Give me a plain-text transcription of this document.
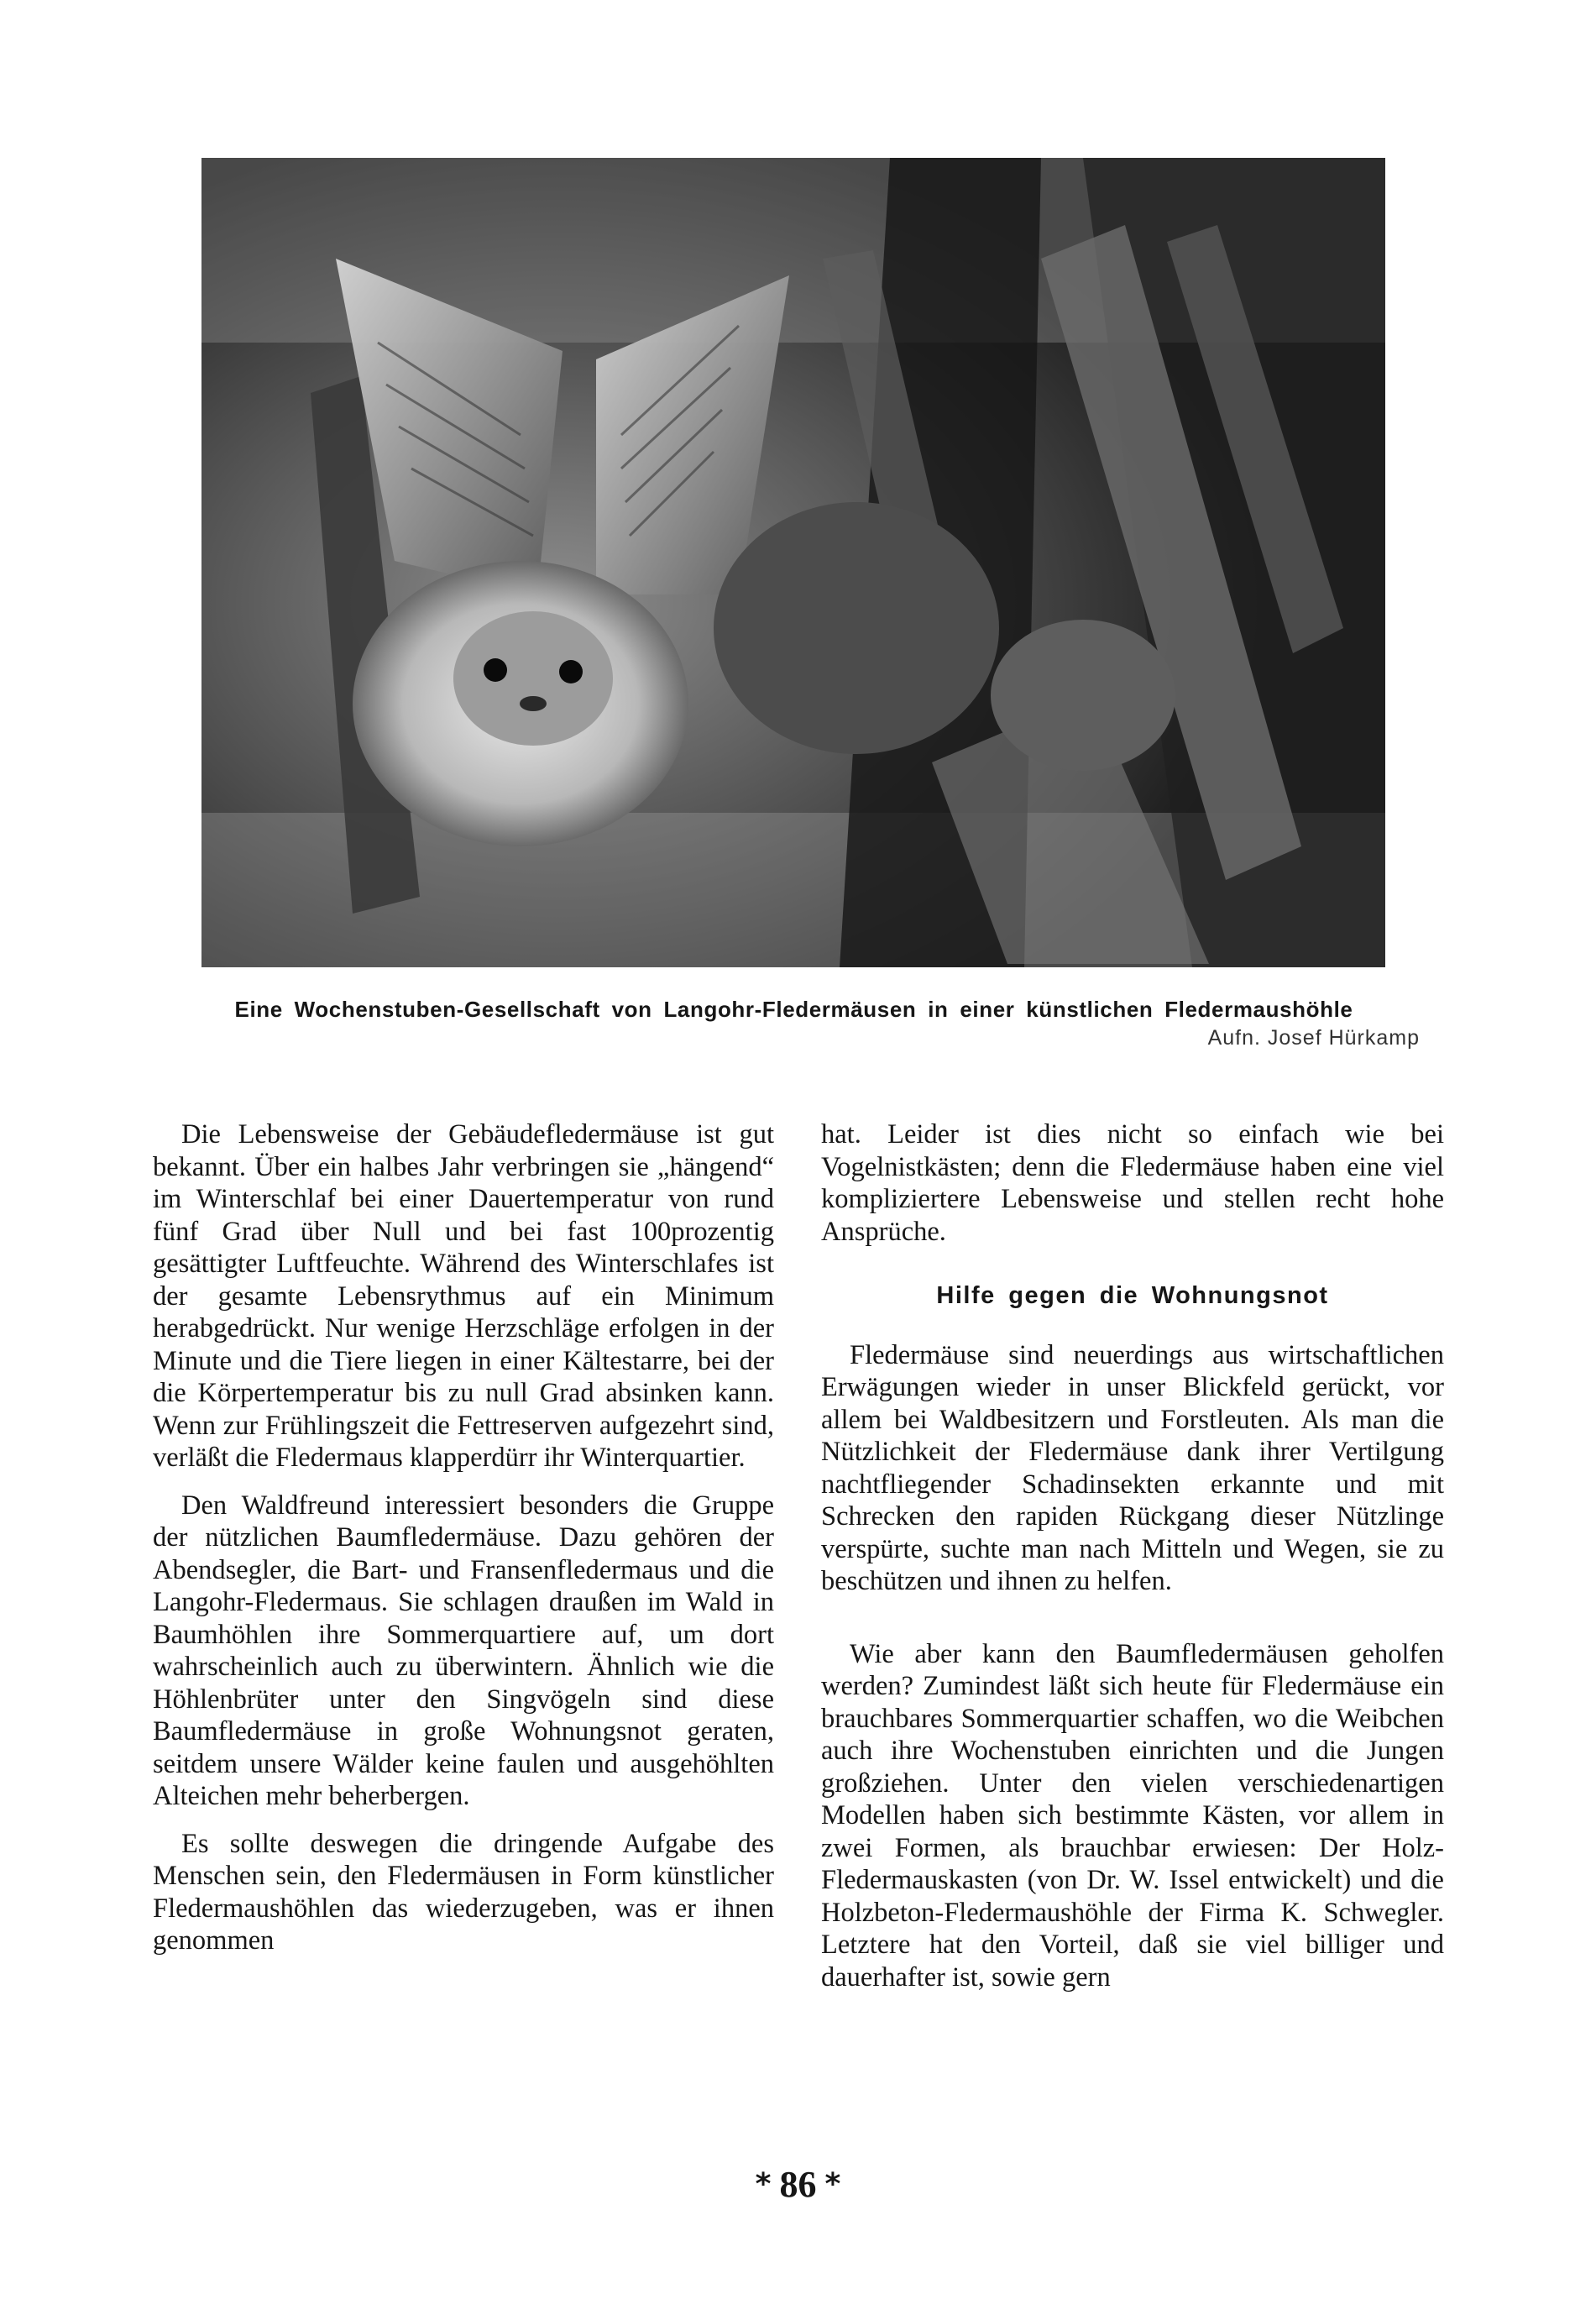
Eine Wochenstuben-Gesellschaft von Langohr-Fledermäusen in einer künstlichen Fledermaushöhle
Aufn. Josef Hürkamp

Die Lebensweise der Gebäudefledermäuse ist gut bekannt. Über ein halbes Jahr verbringen sie „hängend“ im Winterschlaf bei einer Dauertemperatur von rund fünf Grad über Null und bei fast 100prozentig gesättigter Luftfeuchte. Während des Winterschlafes ist der gesamte Lebensrythmus auf ein Minimum herabgedrückt. Nur wenige Herzschläge erfolgen in der Minute und die Tiere liegen in einer Kältestarre, bei der die Körpertemperatur bis zu null Grad absinken kann. Wenn zur Frühlingszeit die Fettreserven aufgezehrt sind, verläßt die Fledermaus klapperdürr ihr Winterquartier.

Den Waldfreund interessiert besonders die Gruppe der nützlichen Baumfledermäuse. Dazu gehören der Abendsegler, die Bart- und Fransenfledermaus und die Langohr-Fledermaus. Sie schlagen draußen im Wald in Baumhöhlen ihre Sommerquartiere auf, um dort wahrscheinlich auch zu überwintern. Ähnlich wie die Höhlenbrüter unter den Singvögeln sind diese Baumfledermäuse in große Wohnungsnot geraten, seitdem unsere Wälder keine faulen und ausgehöhlten Alteichen mehr beherbergen.

Es sollte deswegen die dringende Aufgabe des Menschen sein, den Fledermäusen in Form künstlicher Fledermaushöhlen das wiederzugeben, was er ihnen genommen

hat. Leider ist dies nicht so einfach wie bei Vogelnistkästen; denn die Fledermäuse haben eine viel kompliziertere Lebensweise und stellen recht hohe Ansprüche.

Hilfe gegen die Wohnungsnot

Fledermäuse sind neuerdings aus wirtschaftlichen Erwägungen wieder in unser Blickfeld gerückt, vor allem bei Waldbesitzern und Forstleuten. Als man die Nützlichkeit der Fledermäuse dank ihrer Vertilgung nachtfliegender Schadinsekten erkannte und mit Schrecken den rapiden Rückgang dieser Nützlinge verspürte, suchte man nach Mitteln und Wegen, sie zu beschützen und ihnen zu helfen.

Wie aber kann den Baumfledermäusen geholfen werden? Zumindest läßt sich heute für Fledermäuse ein brauchbares Sommerquartier schaffen, wo die Weibchen auch ihre Wochenstuben einrichten und die Jungen großziehen. Unter den vielen verschiedenartigen Modellen haben sich bestimmte Kästen, vor allem in zwei Formen, als brauchbar erwiesen: Der Holz-Fledermauskasten (von Dr. W. Issel entwickelt) und die Holzbeton-Fledermaushöhle der Firma K. Schwegler. Letztere hat den Vorteil, daß sie viel billiger und dauerhafter ist, sowie gern

* 86 *
